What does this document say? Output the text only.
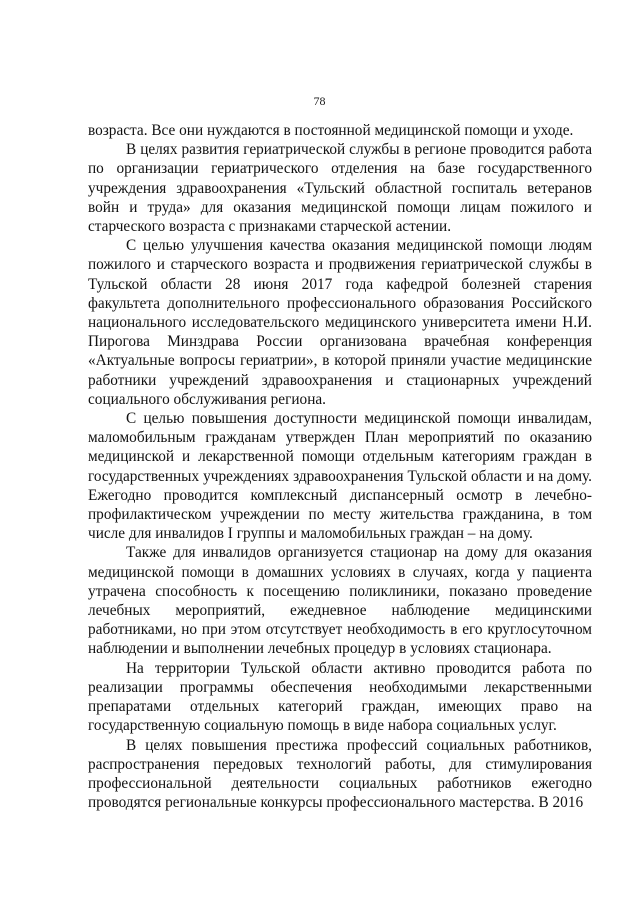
78

возраста. Все они нуждаются в постоянной медицинской помощи и уходе.

В целях развития гериатрической службы в регионе проводится работа по организации гериатрического отделения на базе государственного учреждения здравоохранения «Тульский областной госпиталь ветеранов войн и труда» для оказания медицинской помощи лицам пожилого и старческого возраста с признаками старческой астении.

С целью улучшения качества оказания медицинской помощи людям пожилого и старческого возраста и продвижения гериатрической службы в Тульской области 28 июня 2017 года кафедрой болезней старения факультета дополнительного профессионального образования Российского национального исследовательского медицинского университета имени Н.И. Пирогова Минздрава России организована врачебная конференция «Актуальные вопросы гериатрии», в которой приняли участие медицинские работники учреждений здравоохранения и стационарных учреждений социального обслуживания региона.

С целью повышения доступности медицинской помощи инвалидам, маломобильным гражданам утвержден План мероприятий по оказанию медицинской и лекарственной помощи отдельным категориям граждан в государственных учреждениях здравоохранения Тульской области и на дому. Ежегодно проводится комплексный диспансерный осмотр в лечебно-профилактическом учреждении по месту жительства гражданина, в том числе для инвалидов I группы и маломобильных граждан – на дому.

Также для инвалидов организуется стационар на дому для оказания медицинской помощи в домашних условиях в случаях, когда у пациента утрачена способность к посещению поликлиники, показано проведение лечебных мероприятий, ежедневное наблюдение медицинскими работниками, но при этом отсутствует необходимость в его круглосуточном наблюдении и выполнении лечебных процедур в условиях стационара.

На территории Тульской области активно проводится работа по реализации программы обеспечения необходимыми лекарственными препаратами отдельных категорий граждан, имеющих право на государственную социальную помощь в виде набора социальных услуг.

В целях повышения престижа профессий социальных работников, распространения передовых технологий работы, для стимулирования профессиональной деятельности социальных работников ежегодно проводятся региональные конкурсы профессионального мастерства. В 2016
